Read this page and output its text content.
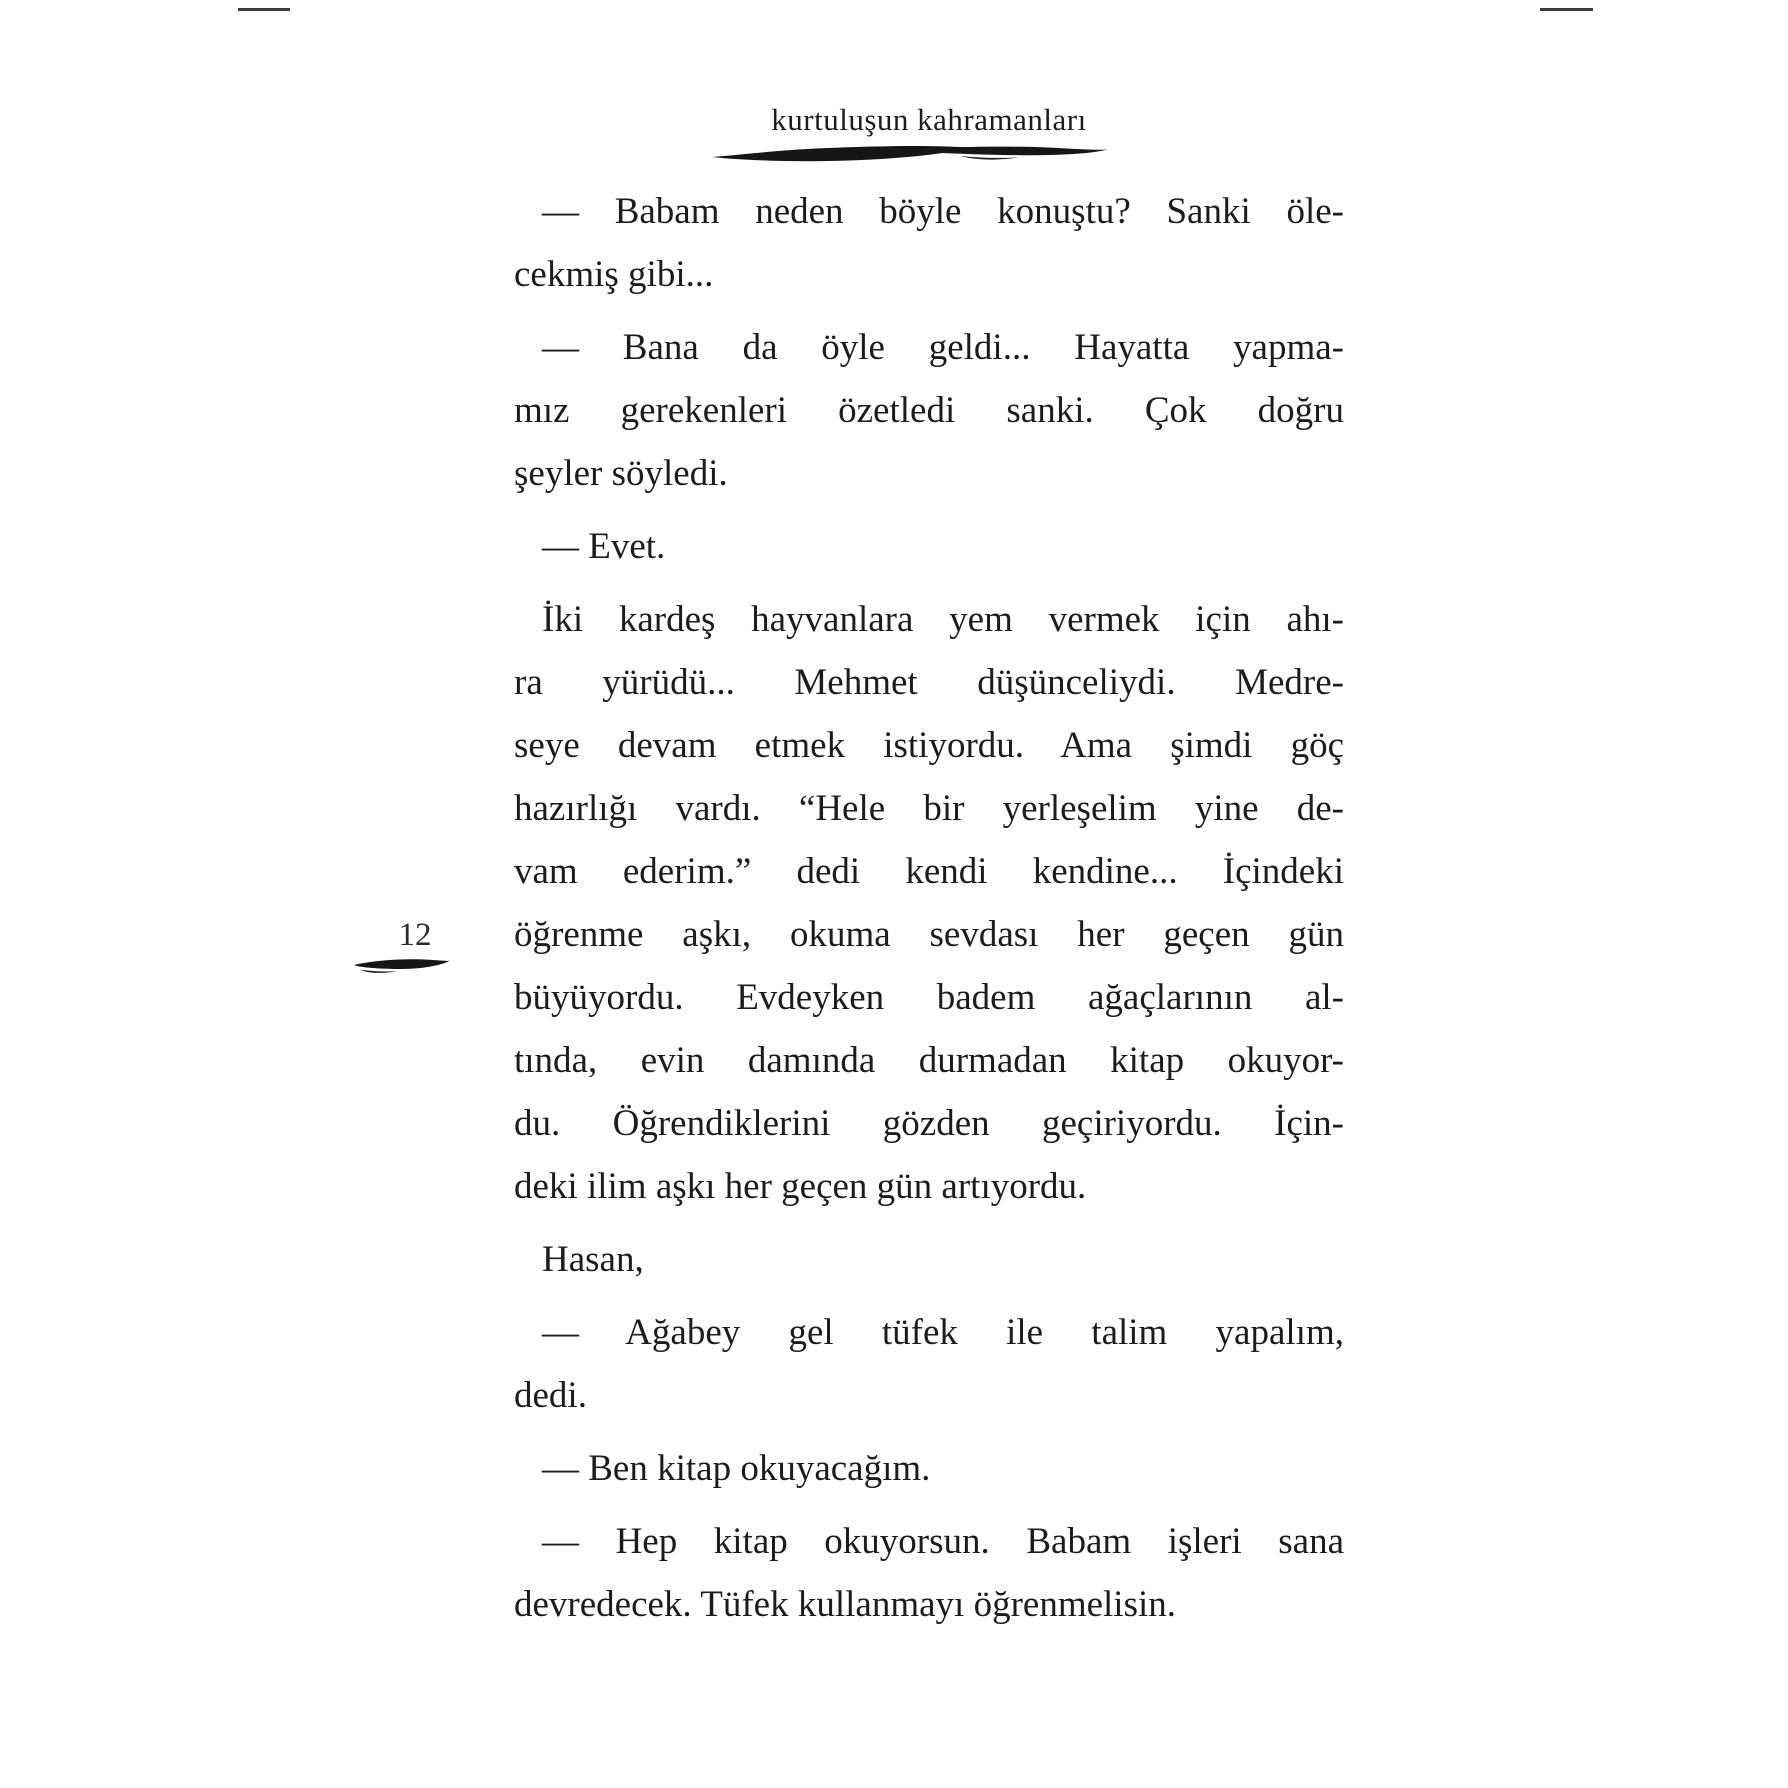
kurtuluşun kahramanları
12
— Babam neden böyle konuştu? Sanki öle-
cekmiş gibi...
— Bana da öyle geldi... Hayatta yapma-
mız gerekenleri özetledi sanki. Çok doğru
şeyler söyledi.
— Evet.
İki kardeş hayvanlara yem vermek için ahı-
ra yürüdü... Mehmet düşünceliydi. Medre-
seye devam etmek istiyordu. Ama şimdi göç
hazırlığı vardı. “Hele bir yerleşelim yine de-
vam ederim.” dedi kendi kendine... İçindeki
öğrenme aşkı, okuma sevdası her geçen gün
büyüyordu. Evdeyken badem ağaçlarının al-
tında, evin damında durmadan kitap okuyor-
du. Öğrendiklerini gözden geçiriyordu. İçin-
deki ilim aşkı her geçen gün artıyordu.
Hasan,
— Ağabey gel tüfek ile talim yapalım,
dedi.
— Ben kitap okuyacağım.
— Hep kitap okuyorsun. Babam işleri sana
devredecek. Tüfek kullanmayı öğrenmelisin.
